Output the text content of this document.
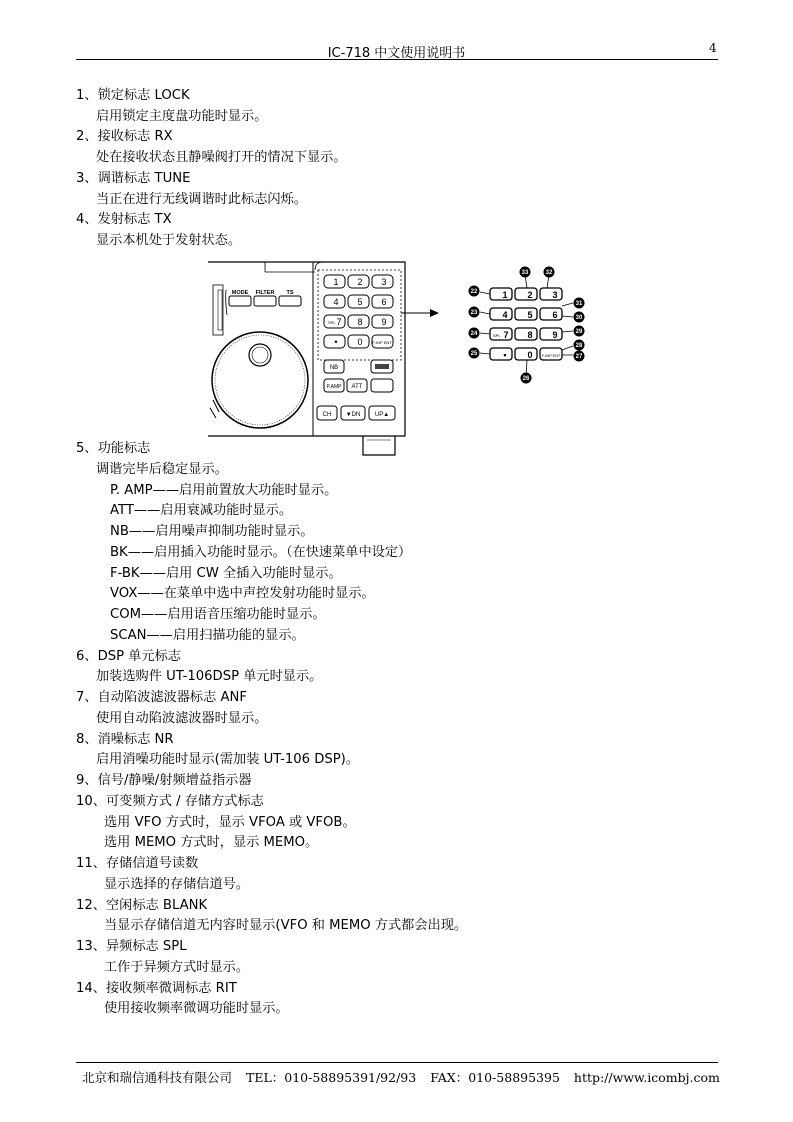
IC-718 中文使用说明书	4
1、锁定标志 LOCK
启用锁定主度盘功能时显示。
2、接收标志 RX
处在接收状态且静噪阀打开的情况下显示。
3、调谐标志 TUNE
当正在进行无线调谐时此标志闪烁。
4、发射标志 TX
显示本机处于发射状态。
5、功能标志
调谐完毕后稳定显示。
P. AMP——启用前置放大功能时显示。
ATT——启用衰减功能时显示。
NB——启用噪声抑制功能时显示。
BK——启用插入功能时显示。（在快速菜单中设定）
F-BK——启用 CW 全插入功能时显示。
VOX——在菜单中选中声控发射功能时显示。
COM——启用语音压缩功能时显示。
SCAN——启用扫描功能的显示。
6、DSP 单元标志
加装选购件 UT-106DSP 单元时显示。
7、自动陷波滤波器标志 ANF
使用自动陷波滤波器时显示。
8、消噪标志 NR
启用消噪功能时显示(需加装 UT-106 DSP)。
9、信号/静噪/射频增益指示器
10、可变频方式 / 存储方式标志
选用 VFO 方式时，显示 VFOA 或 VFOB。
选用 MEMO 方式时，显示 MEMO。
11、存储信道号读数
显示选择的存储信道号。
12、空闲标志 BLANK
当显示存储信道无内容时显示(VFO 和 MEMO 方式都会出现。
13、异频标志 SPL
工作于异频方式时显示。
14、接收频率微调标志 RIT
使用接收频率微调功能时显示。
MODE FILTER TS
1 2 3
4 5 6
7
SPL 8 9
• 0 F-INP ENT
NB
P.AMP ATT
CH ▼DN UP▲
1 2 3
4 5 6
7
SPL	8 9
• 0 F-INP ENT
33	32
22
31
23
30
24	29
25
28
27
26
北京和瑞信通科技有限公司 TEL：010-58895391/92/93 FAX：010-58895395 http://www.icombj.com
